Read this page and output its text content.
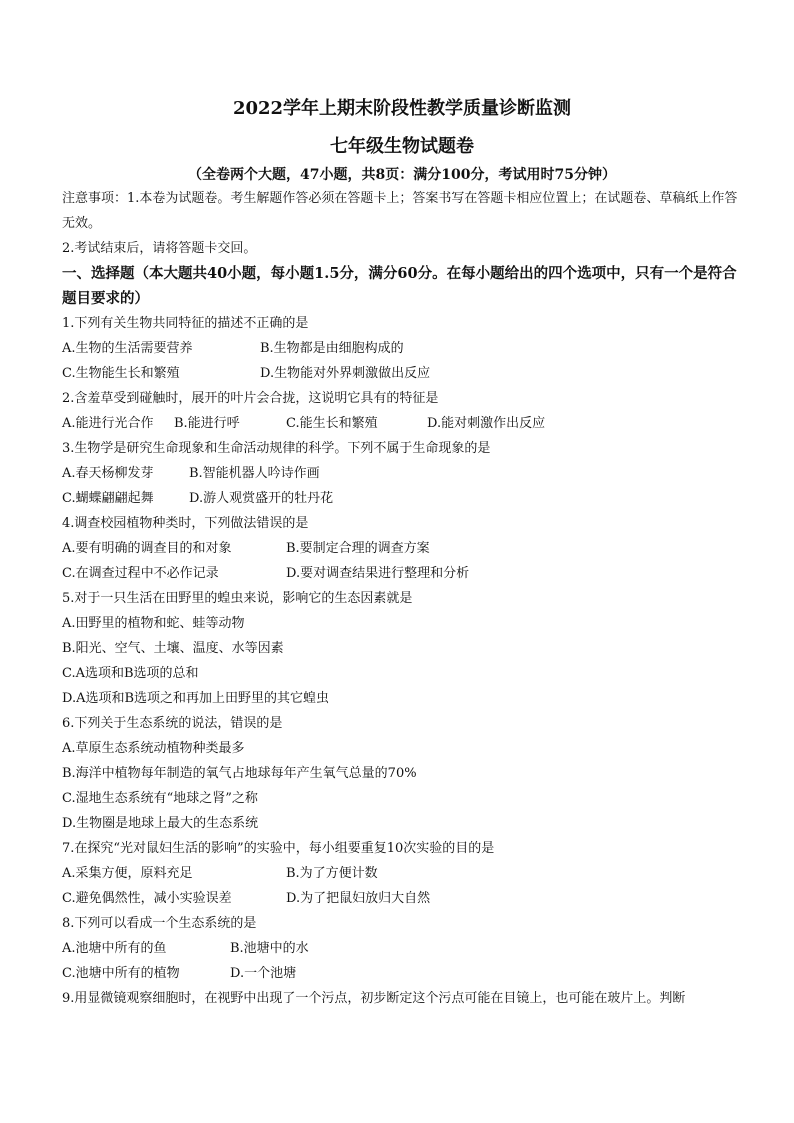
2022学年上期末阶段性教学质量诊断监测
七年级生物试题卷
（全卷两个大题，47小题，共8页：满分100分，考试用时75分钟）
注意事项：1.本卷为试题卷。考生解题作答必须在答题卡上；答案书写在答题卡相应位置上；在试题卷、草稿纸上作答无效。
2.考试结束后，请将答题卡交回。
一、选择题（本大题共40小题，每小题1.5分，满分60分。在每小题给出的四个选项中，只有一个是符合题目要求的）
1.下列有关生物共同特征的描述不正确的是
A.生物的生活需要营养	B.生物都是由细胞构成的
C.生物能生长和繁殖	D.生物能对外界刺激做出反应
2.含羞草受到碰触时，展开的叶片会合拢，这说明它具有的特征是
A.能进行光合作	B.能进行呼	C.能生长和繁殖	D.能对刺激作出反应
3.生物学是研究生命现象和生命活动规律的科学。下列不属于生命现象的是
A.春天杨柳发芽	B.智能机器人吟诗作画
C.蝴蝶翩翩起舞	D.游人观赏盛开的牡丹花
4.调查校园植物种类时，下列做法错误的是
A.要有明确的调查目的和对象	B.要制定合理的调查方案
C.在调查过程中不必作记录	D.要对调查结果进行整理和分析
5.对于一只生活在田野里的蝗虫来说，影响它的生态因素就是
A.田野里的植物和蛇、蛙等动物
B.阳光、空气、土壤、温度、水等因素
C.A选项和B选项的总和
D.A选项和B选项之和再加上田野里的其它蝗虫
6.下列关于生态系统的说法，错误的是
A.草原生态系统动植物种类最多
B.海洋中植物每年制造的氧气占地球每年产生氧气总量的70%
C.湿地生态系统有“地球之肾”之称
D.生物圈是地球上最大的生态系统
7.在探究“光对鼠妇生活的影响”的实验中，每小组要重复10次实验的目的是
A.采集方便，原料充足	B.为了方便计数
C.避免偶然性，减小实验误差	D.为了把鼠妇放归大自然
8.下列可以看成一个生态系统的是
A.池塘中所有的鱼	B.池塘中的水
C.池塘中所有的植物	D.一个池塘
9.用显微镜观察细胞时，在视野中出现了一个污点，初步断定这个污点可能在目镜上，也可能在玻片上。判断
